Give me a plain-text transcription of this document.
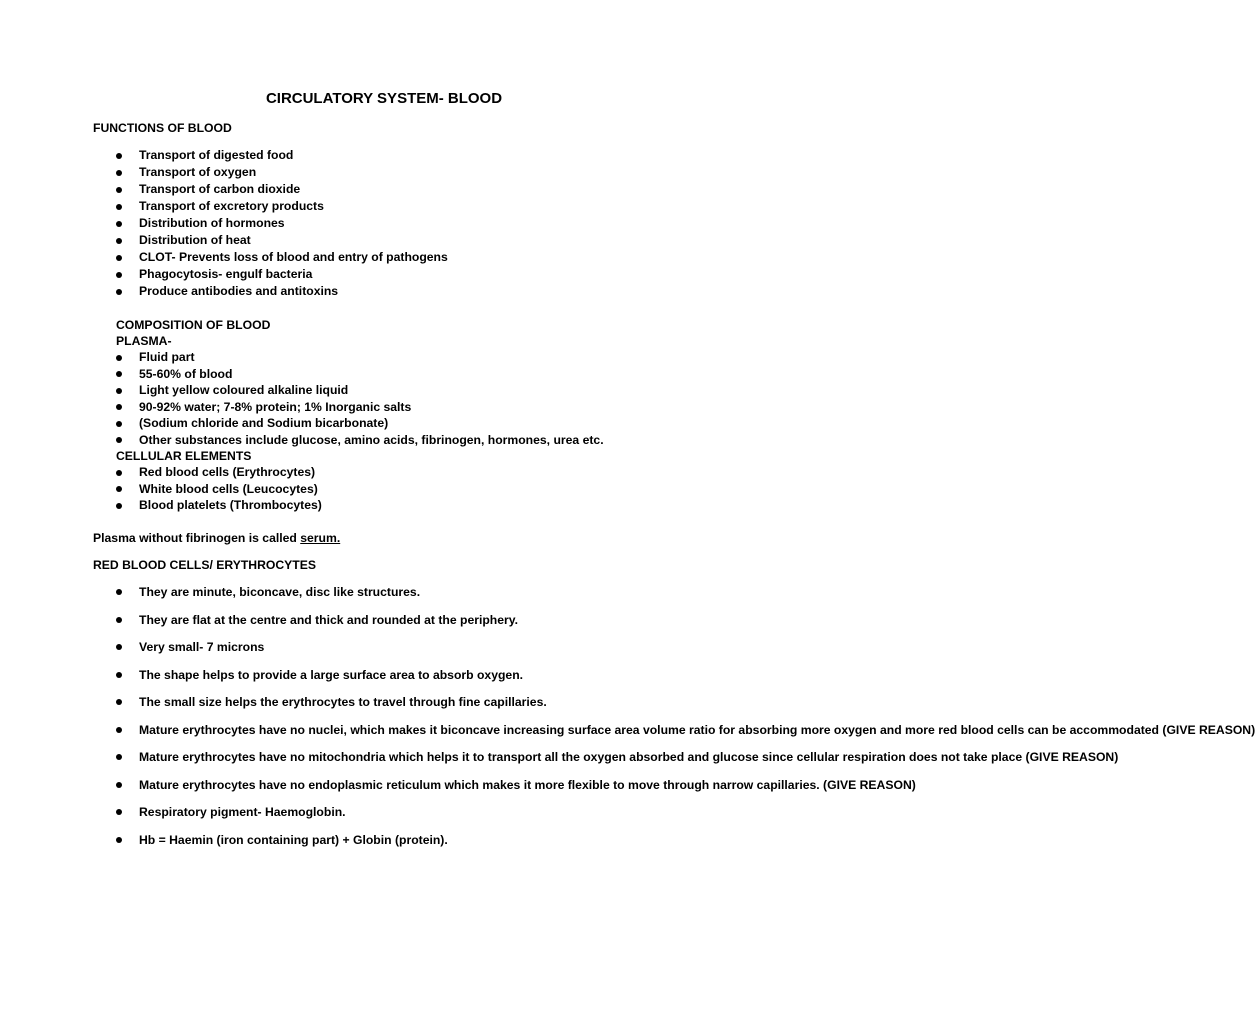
CIRCULATORY SYSTEM- BLOOD
FUNCTIONS OF BLOOD
Transport of digested food
Transport of oxygen
Transport of carbon dioxide
Transport of excretory products
Distribution of hormones
Distribution of heat
CLOT- Prevents loss of blood and entry of pathogens
Phagocytosis- engulf bacteria
Produce antibodies and antitoxins
COMPOSITION OF BLOOD
PLASMA-
Fluid part
55-60% of blood
Light yellow coloured alkaline liquid
90-92% water; 7-8% protein; 1% Inorganic salts
(Sodium chloride and Sodium bicarbonate)
Other substances include glucose, amino acids, fibrinogen, hormones, urea etc.
CELLULAR ELEMENTS
Red blood cells (Erythrocytes)
White blood cells (Leucocytes)
Blood platelets (Thrombocytes)
Plasma without fibrinogen is called serum.
RED BLOOD CELLS/ ERYTHROCYTES
They are minute, biconcave, disc like structures.
They are flat at the centre and thick and rounded at the periphery.
Very small- 7 microns
The shape helps to provide a large surface area to absorb oxygen.
The small size helps the erythrocytes to travel through fine capillaries.
Mature erythrocytes have no nuclei, which makes it biconcave increasing surface area volume ratio for absorbing more oxygen and more red blood cells can be accommodated (GIVE REASON)
Mature erythrocytes have no mitochondria which helps it to transport all the oxygen absorbed and glucose since cellular respiration does not take place (GIVE REASON)
Mature erythrocytes have no endoplasmic reticulum which makes it more flexible to move through narrow capillaries. (GIVE REASON)
Respiratory pigment- Haemoglobin.
Hb = Haemin (iron containing part) + Globin (protein).
